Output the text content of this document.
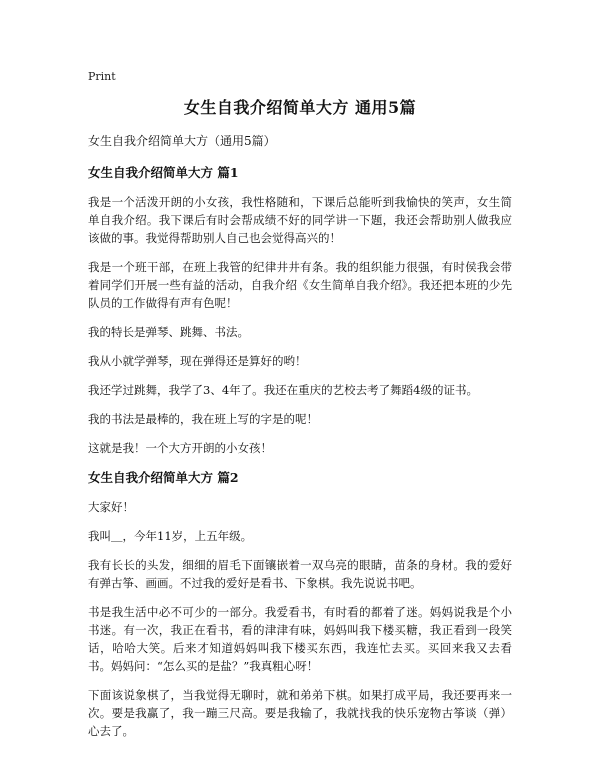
Print
女生自我介绍简单大方 通用5篇
女生自我介绍简单大方（通用5篇）
女生自我介绍简单大方 篇1

我是一个活泼开朗的小女孩，我性格随和，下课后总能听到我愉快的笑声，女生简单自我介绍。我下课后有时会帮成绩不好的同学讲一下题，我还会帮助别人做我应该做的事。我觉得帮助别人自己也会觉得高兴的！

我是一个班干部，在班上我管的纪律井井有条。我的组织能力很强，有时侯我会带着同学们开展一些有益的活动，自我介绍《女生简单自我介绍》。我还把本班的少先队员的工作做得有声有色呢！

我的特长是弹琴、跳舞、书法。

我从小就学弹琴，现在弹得还是算好的哟！

我还学过跳舞，我学了3、4年了。我还在重庆的艺校去考了舞蹈4级的证书。

我的书法是最棒的，我在班上写的字是的呢！

这就是我！一个大方开朗的小女孩！

女生自我介绍简单大方 篇2

大家好！

我叫＿，今年11岁，上五年级。

我有长长的头发，细细的眉毛下面镶嵌着一双乌亮的眼睛，苗条的身材。我的爱好有弹古筝、画画。不过我的爱好是看书、下象棋。我先说说书吧。

书是我生活中必不可少的一部分。我爱看书，有时看的都着了迷。妈妈说我是个小书迷。有一次，我正在看书，看的津津有味，妈妈叫我下楼买糖，我正看到一段笑话，哈哈大笑。后来才知道妈妈叫我下楼买东西，我连忙去买。买回来我又去看书。妈妈问：“怎么买的是盐？”我真粗心呀！

下面该说象棋了，当我觉得无聊时，就和弟弟下棋。如果打成平局，我还要再来一次。要是我赢了，我一蹦三尺高。要是我输了，我就找我的快乐宠物古筝谈（弹）心去了。
